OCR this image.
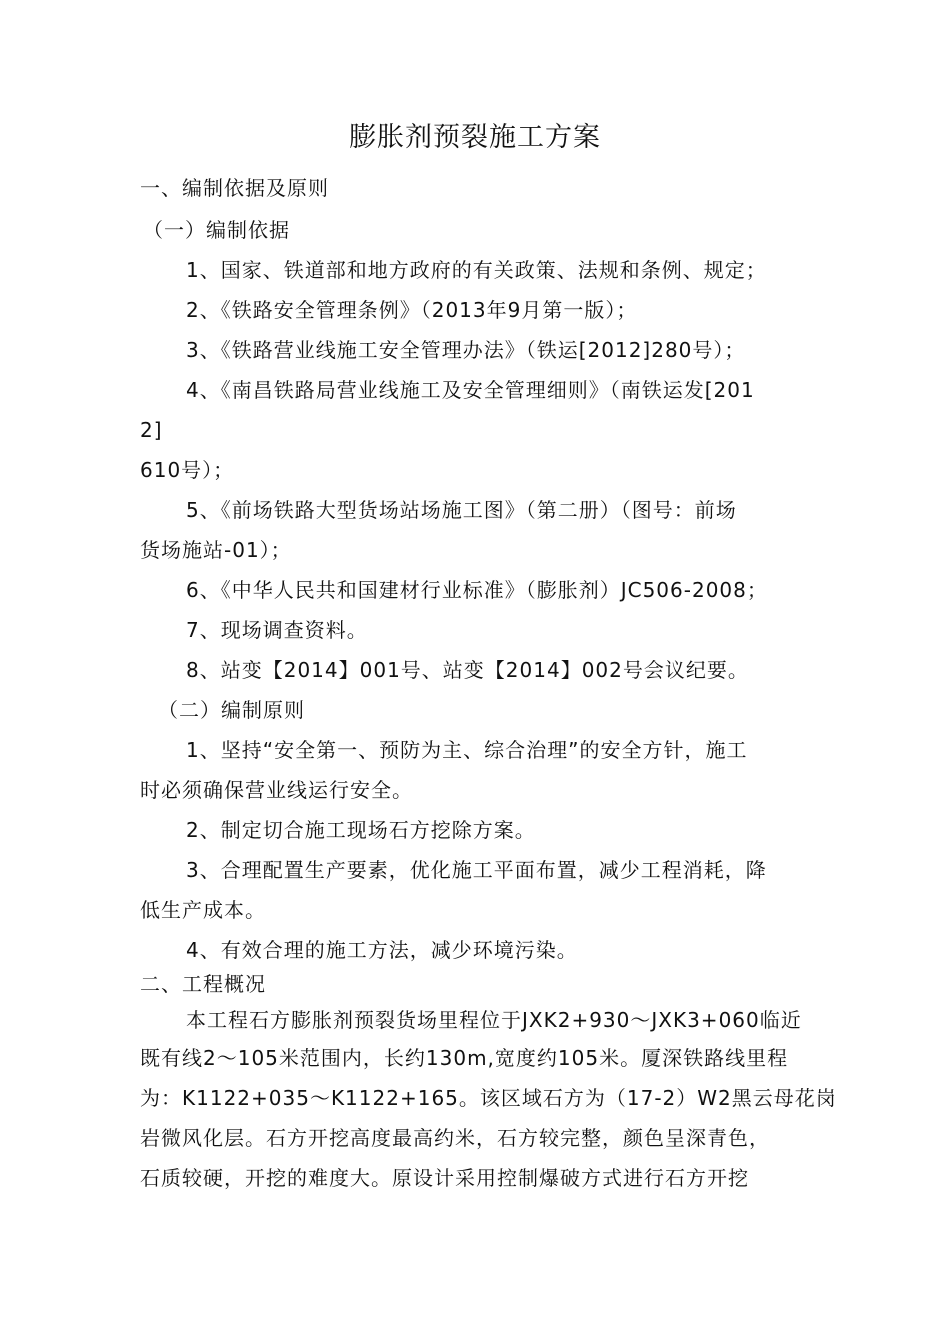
膨胀剂预裂施工方案
一、编制依据及原则
（一）编制依据
1、国家、铁道部和地方政府的有关政策、法规和条例、规定；
2、《铁路安全管理条例》（2013年9月第一版）；
3、《铁路营业线施工安全管理办法》（铁运[2012]280号）；
4、《南昌铁路局营业线施工及安全管理细则》（南铁运发[201
2]
610号）；
5、《前场铁路大型货场站场施工图》（第二册）（图号：前场
货场施站-01）；
6、《中华人民共和国建材行业标准》（膨胀剂）JC506-2008；
7、现场调查资料。
8、站变【2014】001号、站变【2014】002号会议纪要。
（二）编制原则
1、坚持“安全第一、预防为主、综合治理”的安全方针，施工
时必须确保营业线运行安全。
2、制定切合施工现场石方挖除方案。
3、合理配置生产要素，优化施工平面布置，减少工程消耗，降
低生产成本。
4、有效合理的施工方法，减少环境污染。
二、工程概况
本工程石方膨胀剂预裂货场里程位于JXK2+930～JXK3+060临近
既有线2～105米范围内，长约130m,宽度约105米。厦深铁路线里程
为：K1122+035～K1122+165。该区域石方为（17-2）W2黑云母花岗
岩微风化层。石方开挖高度最高约米，石方较完整，颜色呈深青色，
石质较硬，开挖的难度大。原设计采用控制爆破方式进行石方开挖
